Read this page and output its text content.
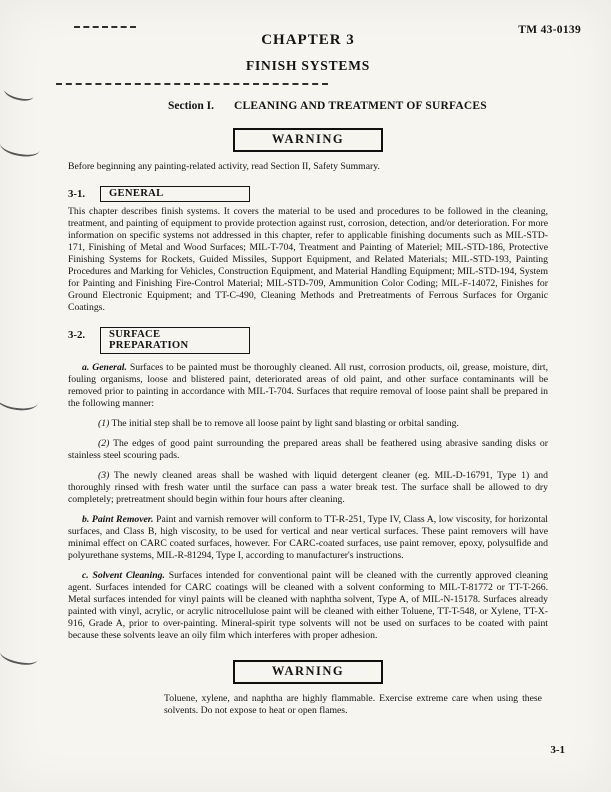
TM 43-0139
CHAPTER 3
FINISH SYSTEMS
Section I. CLEANING AND TREATMENT OF SURFACES
WARNING

Before beginning any painting-related activity, read Section II, Safety Summary.

3-1.	GENERAL

This chapter describes finish systems. It covers the material to be used and procedures to be followed in the cleaning, treatment, and painting of equipment to provide protection against rust, corrosion, detection, and/or deterioration. For more information on specific systems not addressed in this chapter, refer to applicable finishing documents such as MIL-STD-171, Finishing of Metal and Wood Surfaces; MIL-T-704, Treatment and Painting of Materiel; MIL-STD-186, Protective Finishing Systems for Rockets, Guided Missiles, Support Equipment, and Related Materials; MIL-STD-193, Painting Procedures and Marking for Vehicles, Construction Equipment, and Material Handling Equipment; MIL-STD-194, System for Painting and Finishing Fire-Control Material; MIL-STD-709, Ammunition Color Coding; MIL-F-14072, Finishes for Ground Electronic Equipment; and TT-C-490, Cleaning Methods and Pretreatments of Ferrous Surfaces for Organic Coatings.

3-2.	SURFACE PREPARATION

a. General. Surfaces to be painted must be thoroughly cleaned. All rust, corrosion products, oil, grease, moisture, dirt, fouling organisms, loose and blistered paint, deteriorated areas of old paint, and other surface contaminants will be removed prior to painting in accordance with MIL-T-704. Surfaces that require removal of loose paint shall be prepared in the following manner:

(1) The initial step shall be to remove all loose paint by light sand blasting or orbital sanding.

(2) The edges of good paint surrounding the prepared areas shall be feathered using abrasive sanding disks or stainless steel scouring pads.

(3) The newly cleaned areas shall be washed with liquid detergent cleaner (eg. MIL-D-16791, Type 1) and thoroughly rinsed with fresh water until the surface can pass a water break test. The surface shall be allowed to dry completely; pretreatment should begin within four hours after cleaning.

b. Paint Remover. Paint and varnish remover will conform to TT-R-251, Type IV, Class A, low viscosity, for horizontal surfaces, and Class B, high viscosity, to be used for vertical and near vertical surfaces. These paint removers will have minimal effect on CARC coated surfaces, however. For CARC-coated surfaces, use paint remover, epoxy, polysulfide and polyurethane systems, MIL-R-81294, Type I, according to manufacturer's instructions.

c. Solvent Cleaning. Surfaces intended for conventional paint will be cleaned with the currently approved cleaning agent. Surfaces intended for CARC coatings will be cleaned with a solvent conforming to MIL-T-81772 or TT-T-266. Metal surfaces intended for vinyl paints will be cleaned with naphtha solvent, Type A, of MIL-N-15178. Surfaces already painted with vinyl, acrylic, or acrylic nitrocellulose paint will be cleaned with either Toluene, TT-T-548, or Xylene, TT-X-916, Grade A, prior to over-painting. Mineral-spirit type solvents will not be used on surfaces to be coated with paint because these solvents leave an oily film which interferes with proper adhesion.

WARNING

Toluene, xylene, and naphtha are highly flammable. Exercise extreme care when using these solvents. Do not expose to heat or open flames.

3-1
